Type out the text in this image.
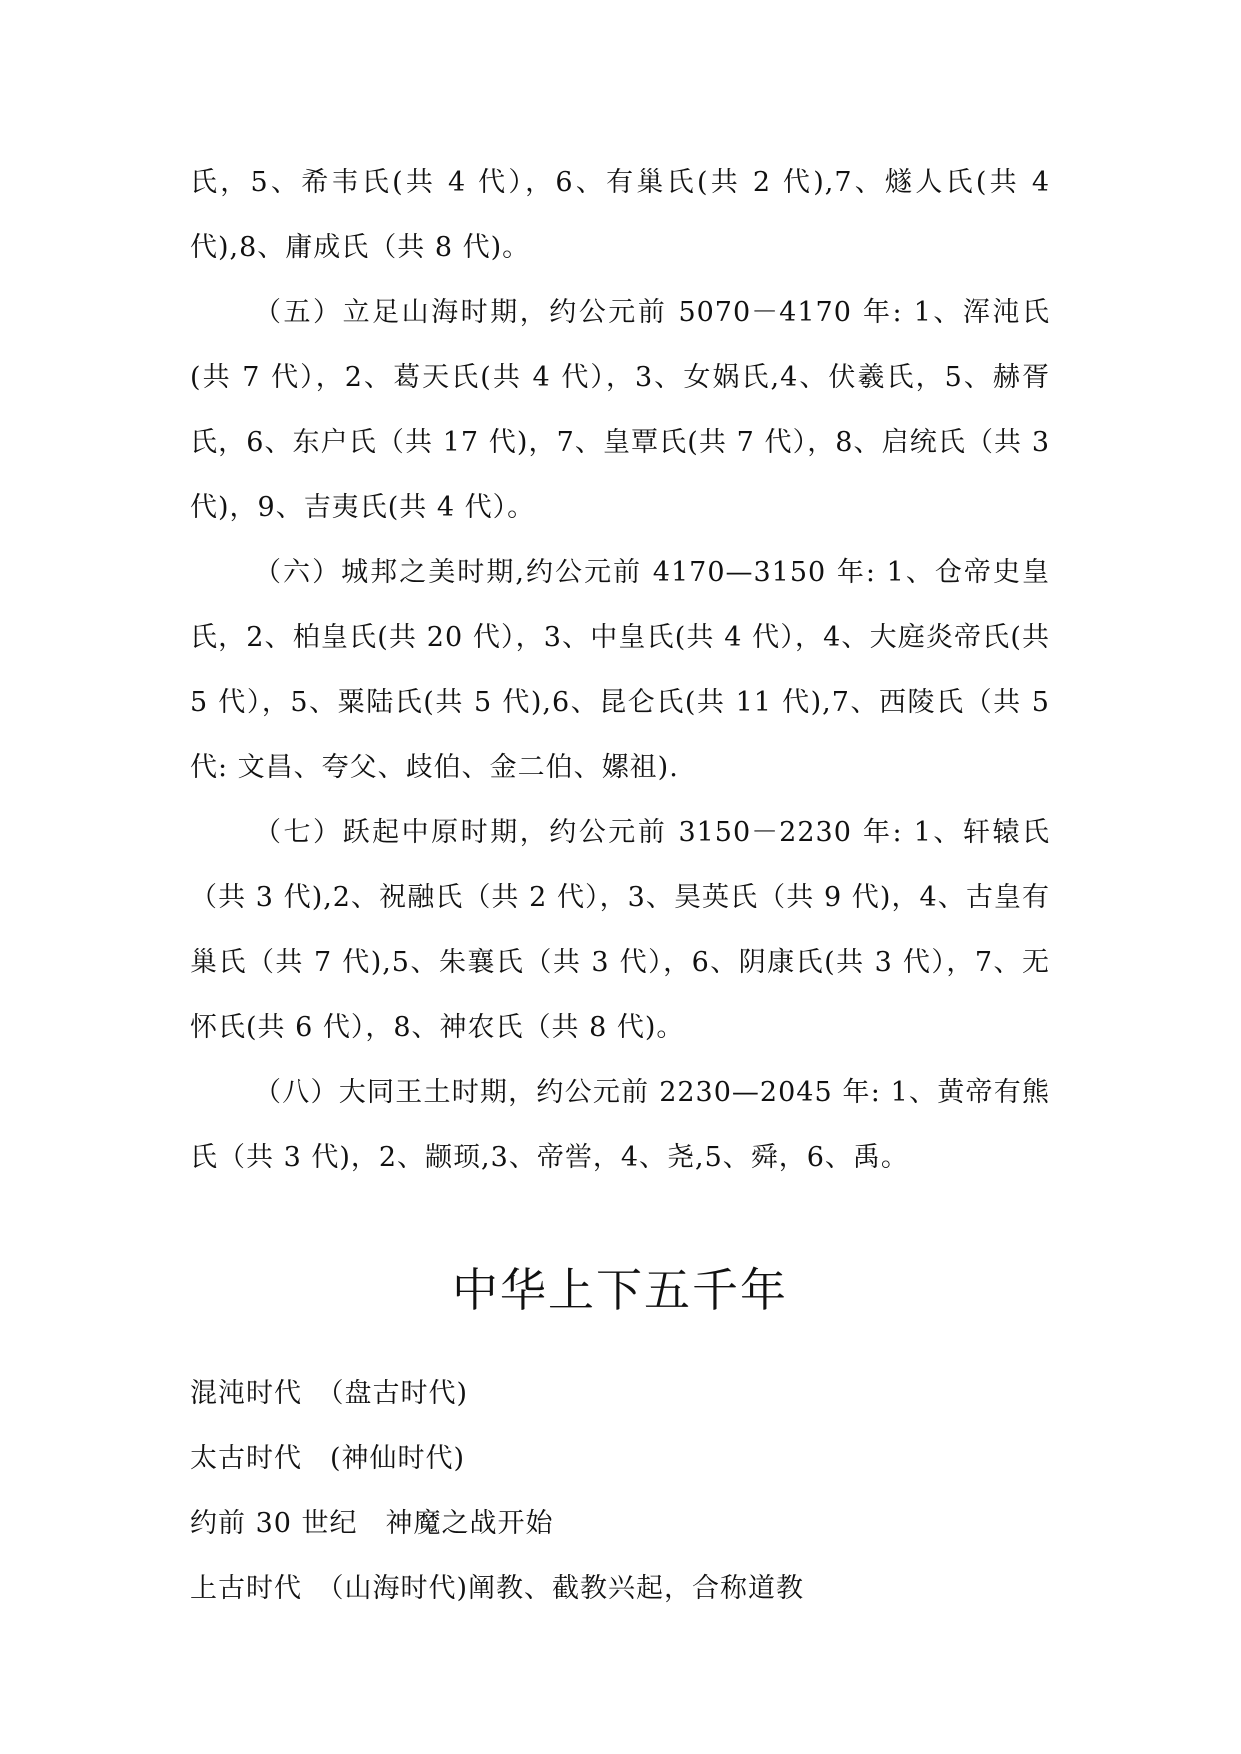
氏，5、希韦氏(共 4 代），6、有巢氏(共 2 代),7、燧人氏(共 4 代),8、庸成氏（共 8 代)。

（五）立足山海时期，约公元前 5070－4170 年: 1、浑沌氏(共 7 代），2、葛天氏(共 4 代），3、女娲氏,4、伏羲氏，5、赫胥氏，6、东户氏（共 17 代)，7、皇覃氏(共 7 代），8、启统氏（共 3 代)，9、吉夷氏(共 4 代）。

（六）城邦之美时期,约公元前 4170—3150 年: 1、仓帝史皇氏，2、柏皇氏(共 20 代），3、中皇氏(共 4 代），4、大庭炎帝氏(共 5 代），5、粟陆氏(共 5 代),6、昆仑氏(共 11 代),7、西陵氏（共 5 代: 文昌、夸父、歧伯、金二伯、嫘祖).

（七）跃起中原时期，约公元前 3150－2230 年: 1、轩辕氏（共 3 代),2、祝融氏（共 2 代），3、昊英氏（共 9 代)，4、古皇有巢氏（共 7 代),5、朱襄氏（共 3 代），6、阴康氏(共 3 代），7、无怀氏(共 6 代），8、神农氏（共 8 代)。

（八）大同王土时期，约公元前 2230—2045 年: 1、黄帝有熊氏（共 3 代)，2、颛顼,3、帝喾，4、尧,5、舜，6、禹。

中华上下五千年

混沌时代　（盘古时代)

太古时代　(神仙时代)

约前 30 世纪　神魔之战开始

上古时代　（山海时代)阐教、截教兴起，合称道教
